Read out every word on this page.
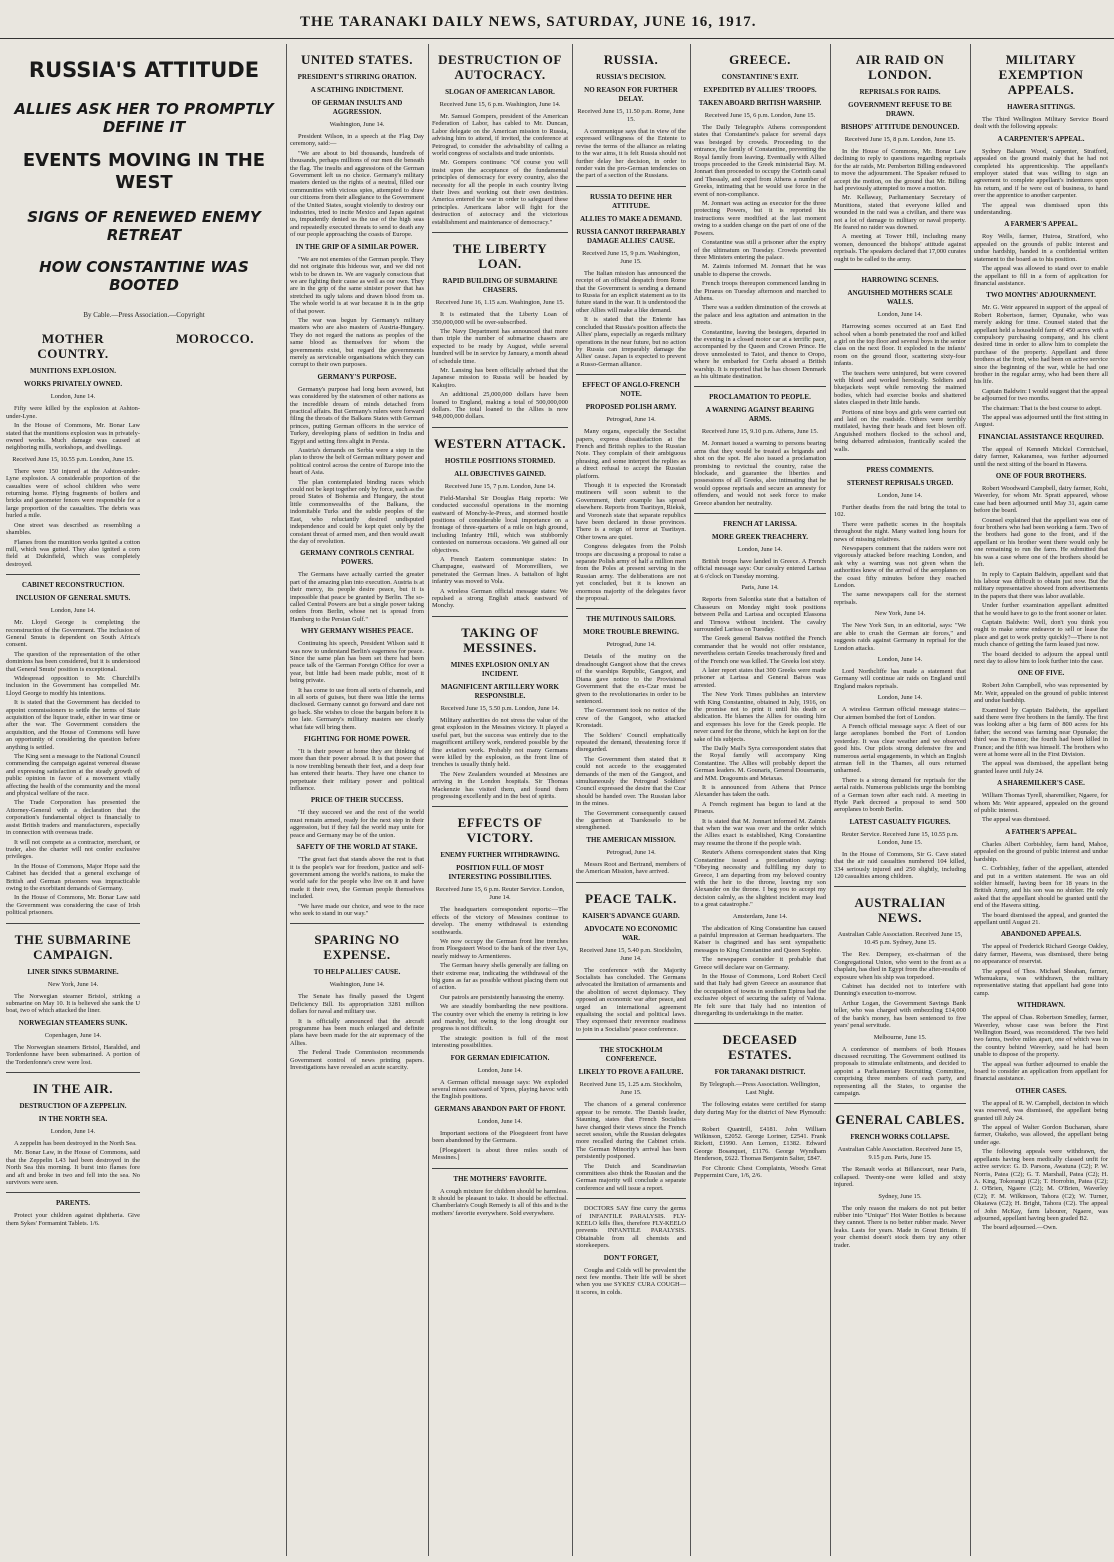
THE TARANAKI DAILY NEWS, SATURDAY, JUNE 16, 1917.
RUSSIA'S ATTITUDE
ALLIES ASK HER TO PROMPTLY DEFINE IT
EVENTS MOVING IN THE WEST
SIGNS OF RENEWED ENEMY RETREAT
HOW CONSTANTINE WAS BOOTED
By Cable.—Press Association.—Copyright
MOTHER COUNTRY.
MUNITIONS EXPLOSION.
WORKS PRIVATELY OWNED.
London, June 14.

Fifty were killed by the explosion at Ashton-under-Lyne.

In the House of Commons, Mr. Bonar Law stated that the munitions explosion was in privately-owned works. Much damage was caused at neighboring mills, workshops, and dwellings.

Received June 15, 10.55 p.m. London, June 15.

There were 150 injured at the Ashton-under-Lyne explosion. A considerable proportion of the casualties were of school children who were returning home. Flying fragments of boilers and bricks and gasometer fences were responsible for a large proportion of the casualties. The debris was hurled a mile.

One street was described as resembling a shambles.

Flames from the munition works ignited a cotton mill, which was gutted. They also ignited a corn field at Dukinfield, which was completely destroyed.

CABINET RECONSTRUCTION.
INCLUSION OF GENERAL SMUTS.
London, June 14.

Mr. Lloyd George is completing the reconstruction of the Government. The inclusion of General Smuts is dependent on South Africa's consent.

The question of the representation of the other dominions has been considered, but it is understood that General Smuts' position is exceptional.

Widespread opposition to Mr. Churchill's inclusion in the Government has compelled Mr. Lloyd George to modify his intentions.

It is stated that the Government has decided to appoint commissioners to settle the terms of State acquisition of the liquor trade, either in war time or after the war. The Government considers the acquisition, and the House of Commons will have an opportunity of considering the question before anything is settled.

The King sent a message to the National Council commending the campaign against venereal disease and expressing satisfaction at the steady growth of public opinion in favor of a movement vitally affecting the health of the community and the moral and physical welfare of the race.

The Trade Corporation has presented the Attorney-General with a declaration that the corporation's fundamental object is financially to assist British traders and manufacturers, especially in connection with overseas trade.

It will not compete as a contractor, merchant, or trader, also the charter will not confer exclusive privileges.

In the House of Commons, Major Hope said the Cabinet has decided that a general exchange of British and German prisoners was impracticable owing to the exorbitant demands of Germany.

In the House of Commons, Mr. Bonar Law said the Government was considering the case of Irish political prisoners.

THE SUBMARINE CAMPAIGN.
LINER SINKS SUBMARINE.
New York, June 14.

The Norwegian steamer Bristol, striking a submarine on May 10. It is believed she sank the U boat, two of which attacked the liner.

NORWEGIAN STEAMERS SUNK.
Copenhagen, June 14.

The Norwegian steamers Bristol, Haraldsd, and Tordenfonne have been submarined. A portion of the Tordenfonne's crew were lost.

IN THE AIR.
DESTRUCTION OF A ZEPPELIN.
IN THE NORTH SEA.
London, June 14.

A zeppelin has been destroyed in the North Sea.

Mr. Bonar Law, in the House of Commons, said that the Zeppelin L43 had been destroyed in the North Sea this morning. It burst into flames fore and aft and broke in two and fell into the sea. No survivors were seen.

PARENTS.

Protect your children against diphtheria. Give them Sykes' Formamint Tablets. 1/6.

MOROCCO.
UNITED STATES.
PRESIDENT'S STIRRING ORATION.
A SCATHING INDICTMENT.
OF GERMAN INSULTS AND AGGRESSION.
Washington, June 14.

President Wilson, in a speech at the Flag Day ceremony, said:—

"We are about to bid thousands, hundreds of thousands, perhaps millions of our men die beneath the flag. The insults and aggressions of the German Government left us no choice. Germany's military masters denied us the rights of a neutral, filled our communities with vicious spies, attempted to draw our citizens from their allegiance to the Government of the United States, sought violently to destroy our industries, tried to incite Mexico and Japan against us, impudently denied us the use of the high seas and repeatedly executed threats to send to death any of our people approaching the coasts of Europe.

IN THE GRIP OF A SIMILAR POWER.

"We are not enemies of the German people. They did not originate this hideous war, and we did not wish to be drawn in. We are vaguely conscious that we are fighting their cause as well as our own. They are in the grip of the same sinister power that has stretched its ugly talons and drawn blood from us. The whole world is at war because it is in the grip of that power.

The war was begun by Germany's military masters who are also masters of Austria-Hungary. They do not regard the nations as peoples of the same blood as themselves for whom the governments exist, but regard the governments merely as serviceable organisations which they can corrupt to their own purposes.

GERMANY'S PURPOSE.

Germany's purpose had long been avowed, but was considered by the statesmen of other nations as the incredible dream of minds detached from practical affairs. But Germany's rulers were forward filing the throats of the Balkans States with German princes, putting German officers in the service of Turkey, developing plans of sedition in India and Egypt and setting fires alight in Persia.

Austria's demands on Serbia were a step in the plan to throw the belt of German military power and political control across the centre of Europe into the heart of Asia.

The plan contemplated binding races which could not be kept together only by force, such as the proud States of Bohemia and Hungary, the stout little commonwealths of the Balkans, the indomitable Turks and the subtle peoples of the East, who reluctantly desired undisputed independence and could be kept quiet only by the constant threat of armed men, and then would await the day of revolution.

GERMANY CONTROLS CENTRAL POWERS.

The Germans have actually carried the greater part of the amazing plan into execution. Austria is at their mercy, its people desire peace, but it is impossible that peace be granted by Berlin. The so-called Central Powers are but a single power taking orders from Berlin, whose net is spread from Hamburg to the Persian Gulf."

WHY GERMANY WISHES PEACE.

Continuing his speech, President Wilson said it was now to understand Berlin's eagerness for peace. Since the same plan has been set there had been peace talk of the German Foreign Office for over a year, but little had been made public, most of it being private.

It has come to use from all sorts of channels, and in all sorts of guises, but there was little the terms disclosed. Germany cannot go forward and dare not go back. She wishes to close the bargain before it is too late. Germany's military masters see clearly what fate will bring them.

FIGHTING FOR HOME POWER.

"It is their power at home they are thinking of more than their power abroad. It is that power that is now trembling beneath their feet, and a deep fear has entered their hearts. They have one chance to perpetuate their military power and political influence.

PRICE OF THEIR SUCCESS.

"If they succeed we and the rest of the world must remain armed, ready for the next step in their aggression, but if they fail the world may unite for peace and Germany may be of the union.

SAFETY OF THE WORLD AT STAKE.

"The great fact that stands above the rest is that it is the people's war for freedom, justice and self-government among the world's nations, to make the world safe for the people who live on it and have made it their own, the German people themselves included.

"We have made our choice, and woe to the race who seek to stand in our way."

SPARING NO EXPENSE.
TO HELP ALLIES' CAUSE.
Washington, June 14.

The Senate has finally passed the Urgent Deficiency Bill. Its appropriation 3281 million dollars for naval and military use.

It is officially announced that the aircraft programme has been much enlarged and definite plans have been made for the air supremacy of the Allies.

The Federal Trade Commission recommends Government control of news printing papers. Investigations have revealed an acute scarcity.

DESTRUCTION OF AUTOCRACY.
SLOGAN OF AMERICAN LABOR.
Received June 15, 6 p.m. Washington, June 14.

Mr. Samuel Gompers, president of the American Federation of Labor, has cabled to Mr. Duncan, Labor delegate on the American mission to Russia, advising him to attend, if invited, the conference at Petrograd, to consider the advisability of calling a world congress of socialists and trade unionists.

Mr. Gompers continues: "Of course you will insist upon the acceptance of the fundamental principles of democracy for every country, also the necessity for all the people in each country living their lives and working out their own destinies. America entered the war in order to safeguard these principles. Americans labor will fight for the destruction of autocracy and the victorious establishment and maintenance of democracy."

THE LIBERTY LOAN.
RAPID BUILDING OF SUBMARINE CHASERS.
Received June 16, 1.15 a.m. Washington, June 15.

It is estimated that the Liberty Loan of 350,000,000 will be over-subscribed.

The Navy Department has announced that more than triple the number of submarine chasers are expected to be ready by August, while several hundred will be in service by January, a month ahead of schedule time.

Mr. Lansing has been officially advised that the Japanese mission to Russia will be headed by Kakujiro.

An additional 25,000,000 dollars have been loaned to England, making a total of 500,000,000 dollars. The total loaned to the Allies is now 948,000,000 dollars.

WESTERN ATTACK.
HOSTILE POSITIONS STORMED.
ALL OBJECTIVES GAINED.
Received June 15, 7 p.m. London, June 14.

Field-Marshal Sir Douglas Haig reports: We conducted successful operations in the morning eastward of Monchy-le-Preux, and stormed hostile positions of considerable local importance on a frontage of three-quarters of a mile on high ground, including Infantry Hill, which was stubbornly contested on numerous occasions. We gained all our objectives.

A French Eastern communique states: In Champagne, eastward of Moronvilliers, we penetrated the German lines. A battalion of light infantry was moved to Vola.

A wireless German official message states: We repulsed a strong English attack eastward of Monchy.

TAKING OF MESSINES.
MINES EXPLOSION ONLY AN INCIDENT.
MAGNIFICENT ARTILLERY WORK RESPONSIBLE.
Received June 15, 5.50 p.m. London, June 14.

Military authorities do not stress the value of the great explosion in the Messines victory. It played a useful part, but the success was entirely due to the magnificent artillery work, rendered possible by the fine aviation work. Probably not many Germans were killed by the explosion, as the front line of trenches is usually thinly held.

The New Zealanders wounded at Messines are arriving in the London hospitals. Sir Thomas Mackenzie has visited them, and found them progressing excellently and in the best of spirits.

EFFECTS OF VICTORY.
ENEMY FURTHER WITHDRAWING.
POSITION FULL OF MOST INTERESTING POSSIBILITIES.
Received June 15, 6 p.m. Reuter Service. London, June 14.

The headquarters correspondent reports:—The effects of the victory of Messines continue to develop. The enemy withdrawal is extending southwards.

We now occupy the German front line trenches from Ploegsteert Wood to the bank of the river Lys, nearly midway to Armentieres.

The German heavy shells generally are falling on their extreme rear, indicating the withdrawal of the big guns as far as possible without placing them out of action.

Our patrols are persistently harassing the enemy.

We are steadily bombarding the new positions. The country over which the enemy is retiring is low and marshy, but owing to the long drought our progress is not difficult.

The strategic position is full of the most interesting possibilities.

FOR GERMAN EDIFICATION.
London, June 14.

A German official message says: We exploded several mines eastward of Ypres, playing havoc with the English positions.

GERMANS ABANDON PART OF FRONT.
London, June 14.

Important sections of the Ploegsteert front have been abandoned by the Germans.

[Ploegsteert is about three miles south of Messines.]

THE MOTHERS' FAVORITE.

A cough mixture for children should be harmless. It should be pleasant to take. It should be effectual. Chamberlain's Cough Remedy is all of this and is the mothers' favorite everywhere. Sold everywhere.

RUSSIA.
RUSSIA'S DECISION.
NO REASON FOR FURTHER DELAY.
Received June 15, 11.50 p.m. Rome, June 15.

A communique says that in view of the expressed willingness of the Entente to revise the terms of the alliance as relating to the war aims, it is felt Russia should not further delay her decision, in order to render vain the pro-German tendencies on the part of a section of the Russians.

RUSSIA TO DEFINE HER ATTITUDE.
ALLIES TO MAKE A DEMAND.
RUSSIA CANNOT IRREPARABLY DAMAGE ALLIES' CAUSE.
Received June 15, 9 p.m. Washington, June 15.

The Italian mission has announced the receipt of an official despatch from Rome that the Government is sending a demand to Russia for an explicit statement as to its future stand in the war. It is understood the other Allies will make a like demand.

It is stated that the Entente has concluded that Russia's position affects the Allies' plans, especially as regards military operations in the near future, but no action by Russia can irreparably damage the Allies' cause. Japan is expected to prevent a Russo-German alliance.

EFFECT OF ANGLO-FRENCH NOTE.
PROPOSED POLISH ARMY.
Petrograd, June 14.

Many organs, especially the Socialist papers, express dissatisfaction at the French and British replies to the Russian Note. They complain of their ambiguous phrasing, and some interpret the replies as a direct refusal to accept the Russian platform.

Though it is expected the Kronstadt mutineers will soon submit to the Government, their example has spread elsewhere. Reports from Tsaritsyn, Rieksk, and Voronezh state that separate republics have been declared in those provinces. There is a reign of terror at Tsaritsyn. Other towns are quiet.

Congress delegates from the Polish troops are discussing a proposal to raise a separate Polish army of half a million men from the Poles at present serving in the Russian army. The deliberations are not yet concluded, but it is known an enormous majority of the delegates favor the proposal.

THE MUTINOUS SAILORS.
MORE TROUBLE BREWING.
Petrograd, June 14.

Details of the mutiny on the dreadnought Gangoot show that the crews of the warships Republic, Gangoot, and Diana gave notice to the Provisional Government that the ex-Czar must be given to the revolutionaries in order to be sentenced.

The Government took no notice of the crew of the Gangoot, who attacked Kronstadt.

The Soldiers' Council emphatically repeated the demand, threatening force if disregarded.

The Government then stated that it could not accede to the exaggerated demands of the men of the Gangoot, and simultaneously the Petrograd Soldiers' Council expressed the desire that the Czar should be handed over. The Russian labor in the mines.

The Government consequently caused the garrison at Tsarskoselo to be strengthened.

THE AMERICAN MISSION.
Petrograd, June 14.

Messrs Root and Bertrand, members of the American Mission, have arrived.

PEACE TALK.
KAISER'S ADVANCE GUARD.
ADVOCATE NO ECONOMIC WAR.
Received June 15, 5.40 p.m. Stockholm, June 14.

The conference with the Majority Socialists has concluded. The Germans advocated the limitation of armaments and the abolition of secret diplomacy. They opposed an economic war after peace, and urged an international agreement equalising the social and political laws. They expressed their reverence readiness to join in a Socialists' peace conference.

THE STOCKHOLM CONFERENCE.
LIKELY TO PROVE A FAILURE.
Received June 15, 1.25 a.m. Stockholm, June 15.

The chances of a general conference appear to be remote. The Danish leader, Stauning, states that French Socialists have changed their views since the French secret session, while the Russian delegates more recalled during the Cabinet crisis. The German Minority's arrival has been persistently postponed.

The Dutch and Scandinavian committees also think the Russian and the German majority will conclude a separate conference and will issue a report.

DOCTORS SAY fine curry the germs of INFANTILE PARALYSIS. FLY-KEELO kills flies, therefore FLY-KEELO prevents INFANTILE PARALYSIS. Obtainable from all chemists and storekeepers.

DON'T FORGET,

Coughs and Colds will be prevalent the next few months. Their life will be short when you use SYKES' CURA COUGH—it scores, in colds.

GREECE.
CONSTANTINE'S EXIT.
EXPEDITED BY ALLIES' TROOPS.
TAKEN ABOARD BRITISH WARSHIP.
Received June 15, 6 p.m. London, June 15.

The Daily Telegraph's Athens correspondent states that Constantine's palace for several days was besieged by crowds. Proceeding to the entrance, the family of Constantine, preventing the Royal family from leaving. Eventually with Allied troops proceeded to the Greek ministerial Bay. M. Jonnart then proceeded to occupy the Corinth canal and Thessaly, and expel from Athens a number of Greeks, intimating that he would use force in the event of non-compliance.

M. Jonnart was acting as executor for the three protecting Powers, but it is reported his instructions were modified at the last moment owing to a sudden change on the part of one of the Powers.

Constantine was still a prisoner after the expiry of the ultimatum on Tuesday. Crowds prevented three Ministers entering the palace.

M. Zaimis informed M. Jonnart that he was unable to disperse the crowds.

French troops thereupon commenced landing in the Piraeus on Tuesday afternoon and marched to Athens.

There was a sudden diminution of the crowds at the palace and less agitation and animation in the streets.

Constantine, leaving the besiegers, departed in the evening in a closed motor car at a terrific pace, accompanied by the Queen and Crown Prince. He drove unmolested to Tatoi, and thence to Oropo, where he embarked for Corfu aboard a British warship. It is reported that he has chosen Denmark as his ultimate destination.

PROCLAMATION TO PEOPLE.
A WARNING AGAINST BEARING ARMS.
Received June 15, 9.10 p.m. Athens, June 15.

M. Jonnart issued a warning to persons bearing arms that they would be treated as brigands and shot on the spot. He also issued a proclamation promising to revictual the country, raise the blockade, and guarantee the liberties and possessions of all Greeks, also intimating that he would oppose reprisals and secure an amnesty for offenders, and would not seek force to make Greece abandon her neutrality.

FRENCH AT LARISSA.
MORE GREEK TREACHERY.
London, June 14.

British troops have landed in Greece. A French official message says: Our cavalry entered Larissa at 6 o'clock on Tuesday morning.

Paris, June 14.

Reports from Salonika state that a battalion of Chasseurs on Monday night took positions between Pella and Larissa and occupied Elassona and Tirnova without incident. The cavalry surrounded Larissa on Tuesday.

The Greek general Baivas notified the French commander that he would not offer resistance, nevertheless certain Greeks treacherously fired and of the French one was killed. The Greeks lost sixty.

A later report states that 300 Greeks were made prisoner at Larissa and General Baivas was arrested.

The New York Times publishes an interview with King Constantine, obtained in July, 1916, on the promise not to print it until his death or abdication. He blames the Allies for ousting him and expresses his love for the Greek people. He never cared for the throne, which he kept on for the sake of his subjects.

The Daily Mail's Syra correspondent states that the Royal family will accompany King Constantine. The Allies will probably deport the German leaders. M. Gounaris, General Dousmanis, and MM. Dragoumis and Metaxas.

It is announced from Athens that Prince Alexander has taken the oath.

A French regiment has begun to land at the Piraeus.

It is stated that M. Jonnart informed M. Zaimis that when the war was over and the order which the Allies exact is established, King Constantine may resume the throne if the people wish.

Reuter's Athens correspondent states that King Constantine issued a proclamation saying: "Obeying necessity and fulfilling my duty to Greece, I am departing from my beloved country with the heir to the throne, leaving my son Alexander on the throne. I beg you to accept my decision calmly, as the slightest incident may lead to a great catastrophe."

Amsterdam, June 14.

The abdication of King Constantine has caused a painful impression at German headquarters. The Kaiser is chagrined and has sent sympathetic messages to King Constantine and Queen Sophie.

The newspapers consider it probable that Greece will declare war on Germany.

In the House of Commons, Lord Robert Cecil said that Italy had given Greece an assurance that the occupation of towns in southern Epirus had the exclusive object of securing the safety of Valona. He felt sure that Italy had no intention of disregarding its undertakings in the matter.

DECEASED ESTATES.
FOR TARANAKI DISTRICT.
By Telegraph.—Press Association. Wellington, Last Night.

The following estates were certified for stamp duty during May for the district of New Plymouth:—

Robert Quantrill, £4181. John William Wilkinson, £2052. George Loriner, £2541. Frank Rickett, £1990. Ann Lemon, £1382. Edward George Bosanquet, £1176. George Wyndham Henderson, £622. Thomas Benjamin Salter, £847.

For Chronic Chest Complaints, Wood's Great Peppermint Cure, 1/6, 2/6.

AIR RAID ON LONDON.
REPRISALS FOR RAIDS.
GOVERNMENT REFUSE TO BE DRAWN.
BISHOPS' ATTITUDE DENOUNCED.
Received June 15, 8 p.m. London, June 15.

In the House of Commons, Mr. Bonar Law declining to reply to questions regarding reprisals for the air raids, Mr. Pemberton Billing endeavored to move the adjournment. The Speaker refused to accept the motion, on the ground that Mr. Billing had previously attempted to move a motion.

Mr. Kellaway, Parliamentary Secretary of Munitions, stated that everyone killed and wounded in the raid was a civilian, and there was not a lot of damage to military or naval property. He feared no raider was downed.

A meeting at Tower Hill, including many women, denounced the bishops' attitude against reprisals. The speakers declared that 17,000 curates ought to be called to the army.

HARROWING SCENES.
ANGUISHED MOTHERS SCALE WALLS.
London, June 14.

Harrowing scenes occurred at an East End school when a bomb penetrated the roof and killed a girl on the top floor and several boys in the senior class on the next floor. It exploded in the infants' room on the ground floor, scattering sixty-four infants.

The teachers were uninjured, but were covered with blood and worked heroically. Soldiers and bluejackets wept while removing the maimed bodies, which had exercise books and shattered slates clasped in their little hands.

Portions of nine boys and girls were carried out and laid on the roadside. Others were terribly mutilated, having their heads and feet blown off. Anguished mothers flocked to the school and, being debarred admission, frantically scaled the walls.

PRESS COMMENTS.
STERNEST REPRISALS URGED.
London, June 14.

Further deaths from the raid bring the total to 102.

There were pathetic scenes in the hospitals throughout the night. Many waited long hours for news of missing relatives.

Newspapers comment that the raiders were not vigorously attacked before reaching London, and ask why a warning was not given when the authorities knew of the arrival of the aeroplanes on the coast fifty minutes before they reached London.

The same newspapers call for the sternest reprisals.

New York, June 14.

The New York Sun, in an editorial, says: "We are able to crush the German air forces," and suggests raids against Germany in reprisal for the London attacks.

London, June 14.

Lord Northcliffe has made a statement that Germany will continue air raids on England until England makes reprisals.

London, June 14.

A wireless German official message states:—Our airmen bombed the fort of London.

A French official message says: A fleet of our large aeroplanes bombed the Fort of London yesterday. It was clear weather and we observed good hits. Our pilots strong defensive fire and numerous aerial engagements, in which an English airman fell in the Thames, all ours returned unharmed.

There is a strong demand for reprisals for the aerial raids. Numerous publicists urge the bombing of a German town after each raid. A meeting in Hyde Park decreed a proposal to send 500 aeroplanes to bomb Berlin.

LATEST CASUALTY FIGURES.
Reuter Service. Received June 15, 10.55 p.m. London, June 15.

In the House of Commons, Sir G. Cave stated that the air raid casualties numbered 104 killed, 334 seriously injured and 250 slightly, including 120 casualties among children.

AUSTRALIAN NEWS.
Australian Cable Association. Received June 15, 10.45 p.m. Sydney, June 15.

The Rev. Dempsey, ex-chairman of the Congregational Union, who went to the front as a chaplain, has died in Egypt from the after-results of exposure when his ship was torpedoed.

Cabinet has decided not to interfere with Dunning's execution to-morrow.

Arthur Logan, the Government Savings Bank teller, who was charged with embezzling £14,000 of the bank's money, has been sentenced to five years' penal servitude.

Melbourne, June 15.

A conference of members of both Houses discussed recruiting. The Government outlined its proposals to stimulate enlistments, and decided to appoint a Parliamentary Recruiting Committee, comprising three members of each party, and representing all the States, to organise the campaign.

GENERAL CABLES.
FRENCH WORKS COLLAPSE.
Australian Cable Association. Received June 15, 9.15 p.m. Paris, June 15.

The Renault works at Billancourt, near Paris, collapsed. Twenty-one were killed and sixty injured.

Sydney, June 15.

The only reason the makers do not put better rubber into "Unique" Hot Water Bottles is because they cannot. There is no better rubber made. Never leaks. Lasts for years. Made in Great Britain. If your chemist doesn't stock them try any other trader.

MILITARY EXEMPTION APPEALS.
HAWERA SITTINGS.

The Third Wellington Military Service Board dealt with the following appeals:

A CARPENTER'S APPEAL.

Sydney Balsam Wood, carpenter, Stratford, appealed on the ground mainly that he had not completed his apprenticeship. The appellant's employer stated that was willing to sign an agreement to complete appellant's indentures upon his return, and if he were out of business, to hand over the apprentice to another carpenter.

The appeal was dismissed upon this understanding.

A FARMER'S APPEAL.

Roy Wells, farmer, Huiroa, Stratford, who appealed on the grounds of public interest and undue hardship, handed in a confidential written statement to the board as to his position.

The appeal was allowed to stand over to enable the appellant to fill in a form of application for financial assistance.

TWO MONTHS' ADJOURNMENT.

Mr. G. Weir appeared in support of the appeal of Robert Robertson, farmer, Opunake, who was merely asking for time. Counsel stated that the appellant held a household farm of 450 acres with a compulsory purchasing company, and his client desired time in order to allow him to complete the purchase of the property. Appellant and three brothers at the front, who had been on active service since the beginning of the war, while he had one brother in the regular army, who had been there all his life.

Captain Baldwin: I would suggest that the appeal be adjourned for two months.

The chairman: That is the best course to adopt.

The appeal was adjourned until the first sitting in August.

FINANCIAL ASSISTANCE REQUIRED.

The appeal of Kenneth Mickiel Cormichael, dairy farmer, Kakaramea, was further adjourned until the next sitting of the board in Hawera.

ONE OF FOUR BROTHERS.

Robert Woodward Campbell, dairy farmer, Kohi, Waverley, for whom Mr. Spratt appeared, whose case had been adjourned until May 31, again came before the board.

Counsel explained that the appellant was one of four brothers who had been working a farm. Two of the brothers had gone to the front, and if the appellant or his brother went there would only be one remaining to run the farm. He submitted that his was a case where one of the brothers should be left.

In reply to Captain Baldwin, appellant said that his labour was difficult to obtain just now. But the military representative showed from advertisements in the papers that there was labor available.

Under further examination appellant admitted that he would have to go to the front sooner or later.

Captain Baldwin: Well, don't you think you ought to make some endeavor to sell or lease the place and get to work pretty quickly?—There is not much chance of getting the farm leased just now.

The board decided to adjourn the appeal until next day to allow him to look further into the case.

ONE OF FIVE.

Robert John Campbell, who was represented by Mr. Weir, appealed on the ground of public interest and undue hardship.

Examined by Captain Baldwin, the appellant said there were five brothers in the family. The first was looking after a big farm of 800 acres for his father; the second was farming near Opunake; the third was in France; the fourth had been killed in France; and the fifth was himself. The brothers who were at home were all in the First Division.

The appeal was dismissed, the appellant being granted leave until July 24.

A SHAREMILKER'S CASE.

William Thomas Tyrell, sharemilker, Ngaere, for whom Mr. Weir appeared, appealed on the ground of public interest.

The appeal was dismissed.

A FATHER'S APPEAL.

Charles Albert Corbishley, farm hand, Mahoe, appealed on the ground of public interest and undue hardship.

C. Corbishley, father of the appellant, attended and put in a written statement. He was an old soldier himself, having been for 18 years in the British Army, and his son was no shirker. He only asked that the appellant should be granted until the end of the Hawera sitting.

The board dismissed the appeal, and granted the appellant until August 21.

ABANDONED APPEALS.

The appeal of Frederick Richard George Oakley, dairy farmer, Hawera, was dismissed, there being no appearance of reservist.

The appeal of Thos. Michael Sheahan, farmer, Whenuakura, was withdrawn, the military representative stating that appellant had gone into camp.

WITHDRAWN.

The appeal of Chas. Robertson Smedley, farmer, Waverley, whose case was before the First Wellington Board, was reconsidered. The two held two farms, twelve miles apart, one of which was in the country behind Waverley, said he had been unable to dispose of the property.

The appeal was further adjourned to enable the board to consider an application from appellant for financial assistance.

OTHER CASES.

The appeal of R. W. Campbell, decision in which was reserved, was dismissed, the appellant being granted till July 24.

The appeal of Walter Gordon Buchanan, share farmer, Otakeho, was allowed, the appellant being under age.

The following appeals were withdrawn, the appellants having been medically classed unfit for active service: G. D. Parsons, Awatuna (C2); P. W. Norris, Patea (C2); G. T. Marshall, Patea (C2); H. A. King, Tokorangi (C2); T. Horrobin, Patea (C2); J. O'Brien, Ngaere (C2); M. O'Brien, Waverley (C2); F. M. Wilkinson, Tahora (C2); W. Turner, Okaiawa (C2); H. Bright, Tahora (C2). The appeal of John McKay, farm labourer, Ngaere, was adjourned, appellant having been graded B2.

The board adjourned.—Own.
